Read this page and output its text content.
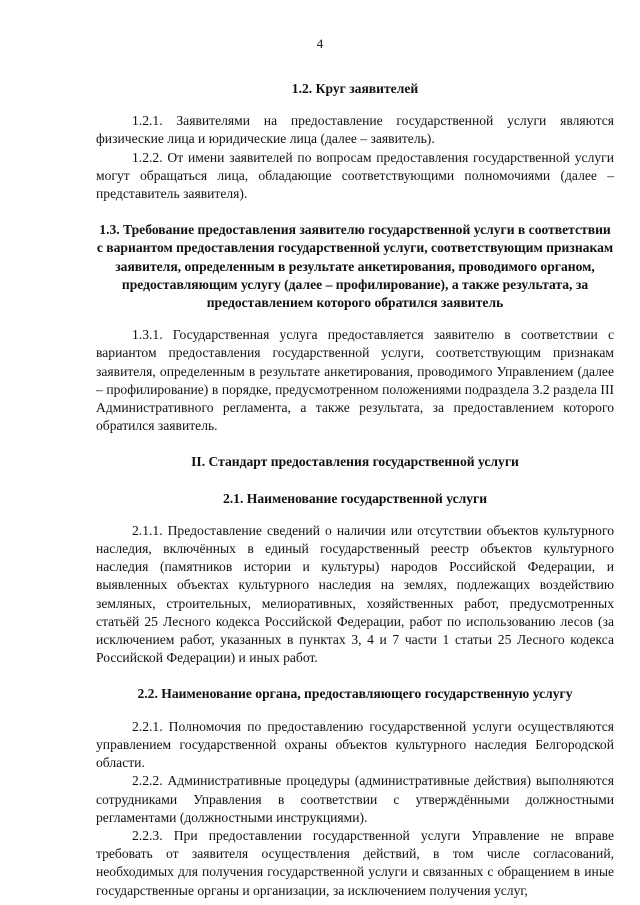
4
1.2. Круг заявителей

1.2.1. Заявителями на предоставление государственной услуги являются физические лица и юридические лица (далее – заявитель).

1.2.2. От имени заявителей по вопросам предоставления государственной услуги могут обращаться лица, обладающие соответствующими полномочиями (далее – представитель заявителя).

1.3. Требование предоставления заявителю государственной услуги в соответствии с вариантом предоставления государственной услуги, соответствующим признакам заявителя, определенным в результате анкетирования, проводимого органом, предоставляющим услугу (далее – профилирование), а также результата, за предоставлением которого обратился заявитель

1.3.1. Государственная услуга предоставляется заявителю в соответствии с вариантом предоставления государственной услуги, соответствующим признакам заявителя, определенным в результате анкетирования, проводимого Управлением (далее – профилирование) в порядке, предусмотренном положениями подраздела 3.2 раздела III Административного регламента, а также результата, за предоставлением которого обратился заявитель.

II. Стандарт предоставления государственной услуги
2.1. Наименование государственной услуги

2.1.1. Предоставление сведений о наличии или отсутствии объектов культурного наследия, включённых в единый государственный реестр объектов культурного наследия (памятников истории и культуры) народов Российской Федерации, и выявленных объектах культурного наследия на землях, подлежащих воздействию земляных, строительных, мелиоративных, хозяйственных работ, предусмотренных статьёй 25 Лесного кодекса Российской Федерации, работ по использованию лесов (за исключением работ, указанных в пунктах 3, 4 и 7 части 1 статьи 25 Лесного кодекса Российской Федерации) и иных работ.

2.2. Наименование органа, предоставляющего государственную услугу

2.2.1. Полномочия по предоставлению государственной услуги осуществляются управлением государственной охраны объектов культурного наследия Белгородской области.

2.2.2. Административные процедуры (административные действия) выполняются сотрудниками Управления в соответствии с утверждёнными должностными регламентами (должностными инструкциями).

2.2.3. При предоставлении государственной услуги Управление не вправе требовать от заявителя осуществления действий, в том числе согласований, необходимых для получения государственной услуги и связанных с обращением в иные государственные органы и организации, за исключением получения услуг,
